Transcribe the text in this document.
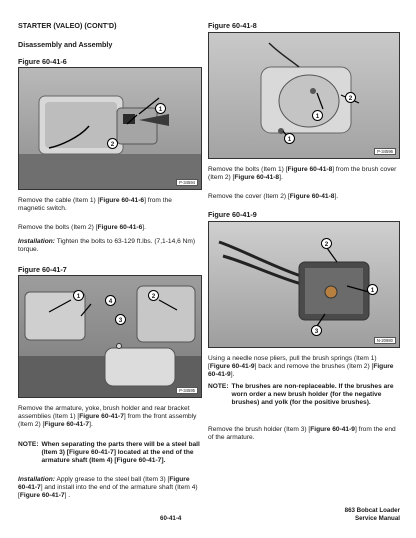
STARTER (VALEO) (CONT'D)
Disassembly and Assembly
Figure 60-41-6
1
2
P-34594
Remove the cable (Item 1) [Figure 60-41-6] from the magnetic switch.
Remove the bolts (Item 2) [Figure 60-41-6].
Installation: Tighten the bolts to 63-129 ft.lbs. (7,1-14,6 Nm) torque.
Figure 60-41-7
1
4
2
3
P-34595
Remove the armature, yoke, brush holder and rear bracket assemblies (Item 1) [Figure 60-41-7] from the front assembly (Item 2) [Figure 60-41-7].
NOTE: When separating the parts there will be a steel ball (Item 3) [Figure 60-41-7] located at the end of the armature shaft (Item 4) [Figure 60-41-7].
Installation: Apply grease to the steel ball (Item 3) [Figure 60-41-7] and install into the end of the armature shaft (Item 4) [Figure 60-41-7] .
Figure 60-41-8
2
1
1
P-34596
Remove the bolts (Item 1) [Figure 60-41-8] from the brush cover (Item 2) [Figure 60-41-8].
Remove the cover (Item 2) [Figure 60-41-8].
Figure 60-41-9
2
1
3
N-20980
Using a needle nose pliers, pull the brush springs (Item 1) [Figure 60-41-9] back and remove the brushes (Item 2) [Figure 60-41-9].
NOTE: The brushes are non-replaceable. If the brushes are worn order a new brush holder (for the negative brushes) and yolk (for the positive brushes).
Remove the brush holder (Item 3) [Figure 60-41-9] from the end of the armature.
60-41-4
863 Bobcat Loader
Service Manual
